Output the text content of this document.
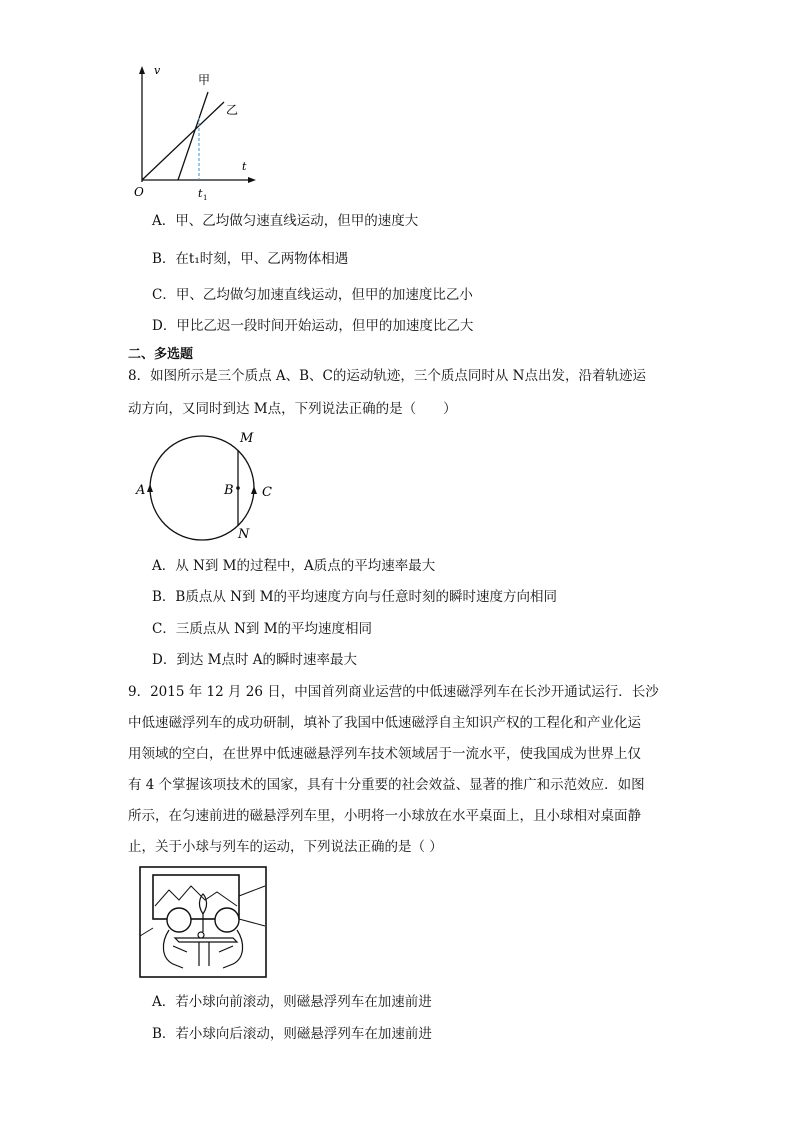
v
t
O	t 1
甲
乙
A．甲、乙均做匀速直线运动，但甲的速度大
B．在t₁时刻，甲、乙两物体相遇
C．甲、乙均做匀加速直线运动，但甲的加速度比乙小
D．甲比乙迟一段时间开始运动，但甲的加速度比乙大
二、多选题
8．如图所示是三个质点 A、B、C的运动轨迹，三个质点同时从 N点出发，沿着轨迹运
动方向，又同时到达 M点，下列说法正确的是（　　）
M
N
A	B C
A．从 N到 M的过程中，A质点的平均速率最大
B．B质点从 N到 M的平均速度方向与任意时刻的瞬时速度方向相同
C．三质点从 N到 M的平均速度相同
D．到达 M点时 A的瞬时速率最大
9．2015 年 12 月 26 日，中国首列商业运营的中低速磁浮列车在长沙开通试运行．长沙
中低速磁浮列车的成功研制，填补了我国中低速磁浮自主知识产权的工程化和产业化运
用领域的空白，在世界中低速磁悬浮列车技术领域居于一流水平，使我国成为世界上仅
有 4 个掌握该项技术的国家，具有十分重要的社会效益、显著的推广和示范效应．如图
所示，在匀速前进的磁悬浮列车里，小明将一小球放在水平桌面上，且小球相对桌面静
止，关于小球与列车的运动，下列说法正确的是（ ）
A．若小球向前滚动，则磁悬浮列车在加速前进
B．若小球向后滚动，则磁悬浮列车在加速前进
